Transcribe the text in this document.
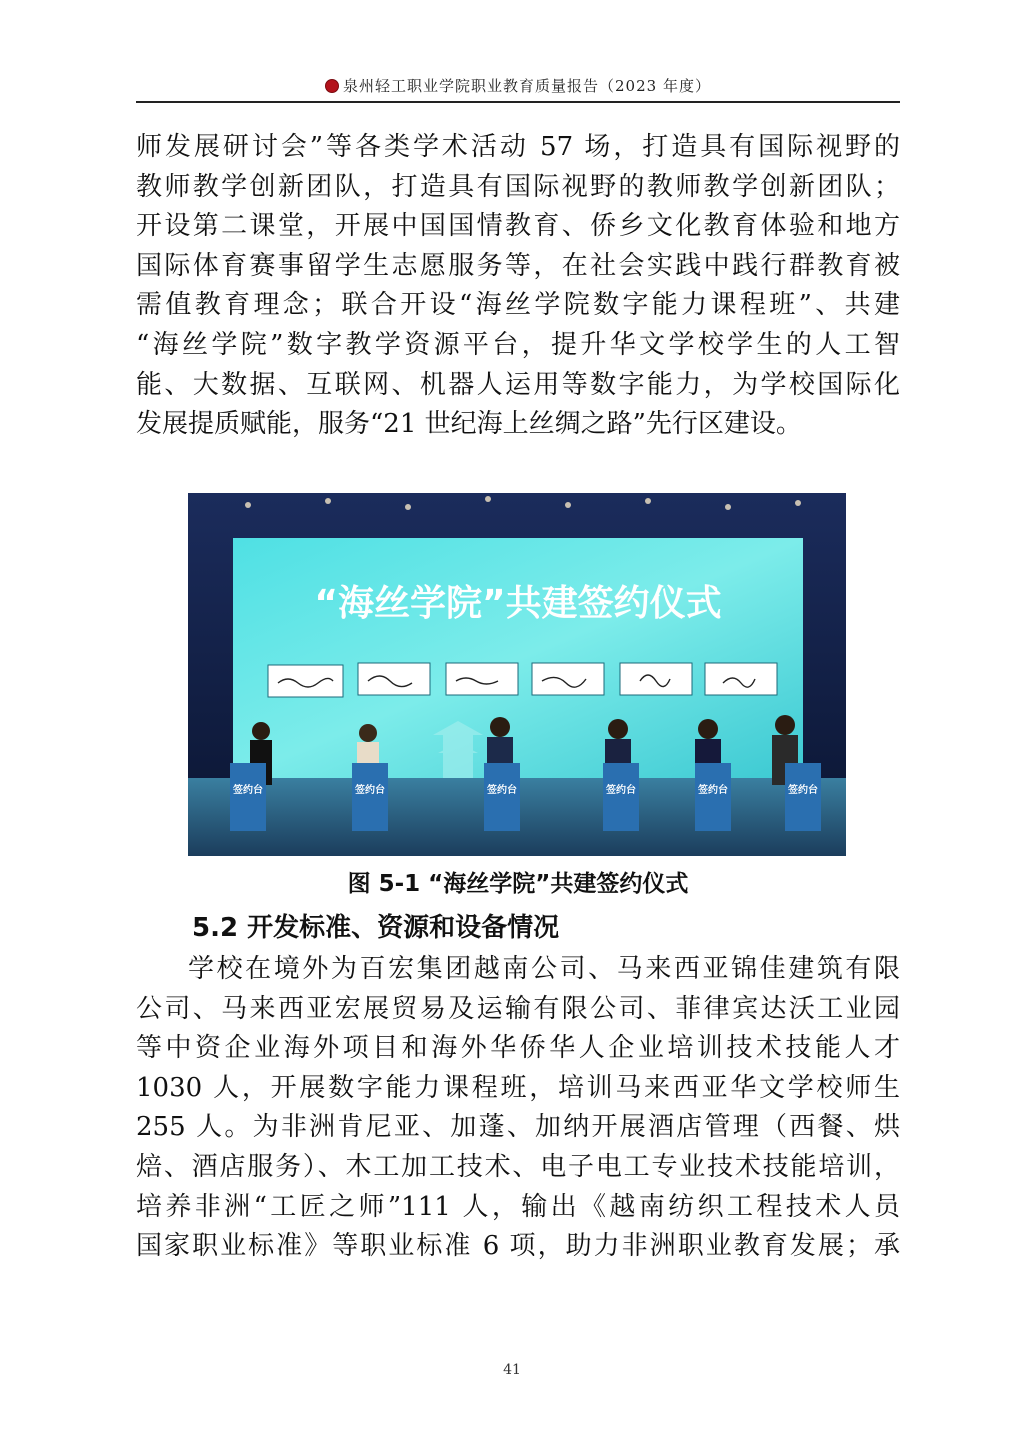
泉州轻工职业学院职业教育质量报告（2023 年度）

师发展研讨会”等各类学术活动 57 场，打造具有国际视野的

教师教学创新团队，打造具有国际视野的教师教学创新团队；

开设第二课堂，开展中国国情教育、侨乡文化教育体验和地方

国际体育赛事留学生志愿服务等，在社会实践中践行群教育被

需值教育理念；联合开设“海丝学院数字能力课程班”、共建

“海丝学院”数字教学资源平台，提升华文学校学生的人工智

能、大数据、互联网、机器人运用等数字能力，为学校国际化

发展提质赋能，服务“21 世纪海上丝绸之路”先行区建设。

“海丝学院”共建签约仪式
签约台	签约台	签约台	签约台	签约台	签约台
图 5-1 “海丝学院”共建签约仪式
5.2 开发标准、资源和设备情况

学校在境外为百宏集团越南公司、马来西亚锦佳建筑有限

公司、马来西亚宏展贸易及运输有限公司、菲律宾达沃工业园

等中资企业海外项目和海外华侨华人企业培训技术技能人才

1030 人，开展数字能力课程班，培训马来西亚华文学校师生

255 人。为非洲肯尼亚、加蓬、加纳开展酒店管理（西餐、烘

焙、酒店服务）、木工加工技术、电子电工专业技术技能培训，

培养非洲“工匠之师”111 人，输出《越南纺织工程技术人员

国家职业标准》等职业标准 6 项，助力非洲职业教育发展；承

41
